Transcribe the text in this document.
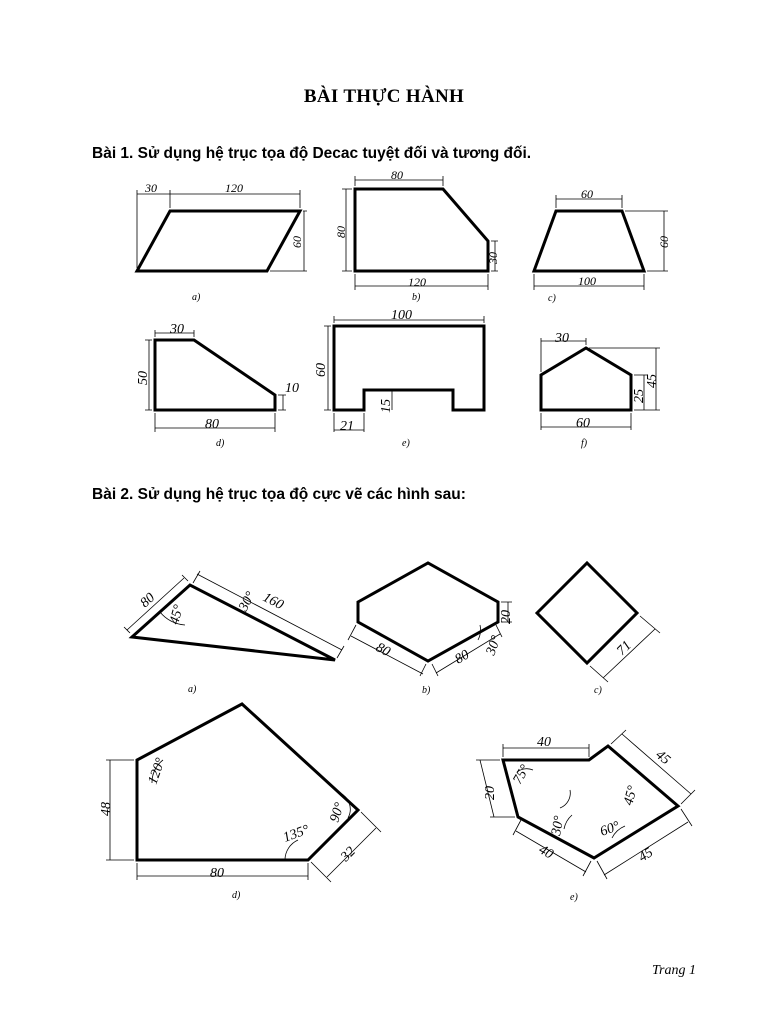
BÀI THỰC HÀNH
Bài 1. Sử dụng hệ trục tọa độ Decac tuyệt đối và tương đối.
30	120
60
a)
80
80
30
120
b)
60
60
100
c)
30
50
10
80
d)
100
60
15
21
e)
30
45
25
60
f)
Bài 2. Sử dụng hệ trục tọa độ cực vẽ các hình sau:
80
45°
30° 160
a)
20
80	80
30°
b)
71
c)
48
120°
135°
90°
32
80
d)
40
45
20
75°
45°
30° 60°
40	45
e)
Trang 1
